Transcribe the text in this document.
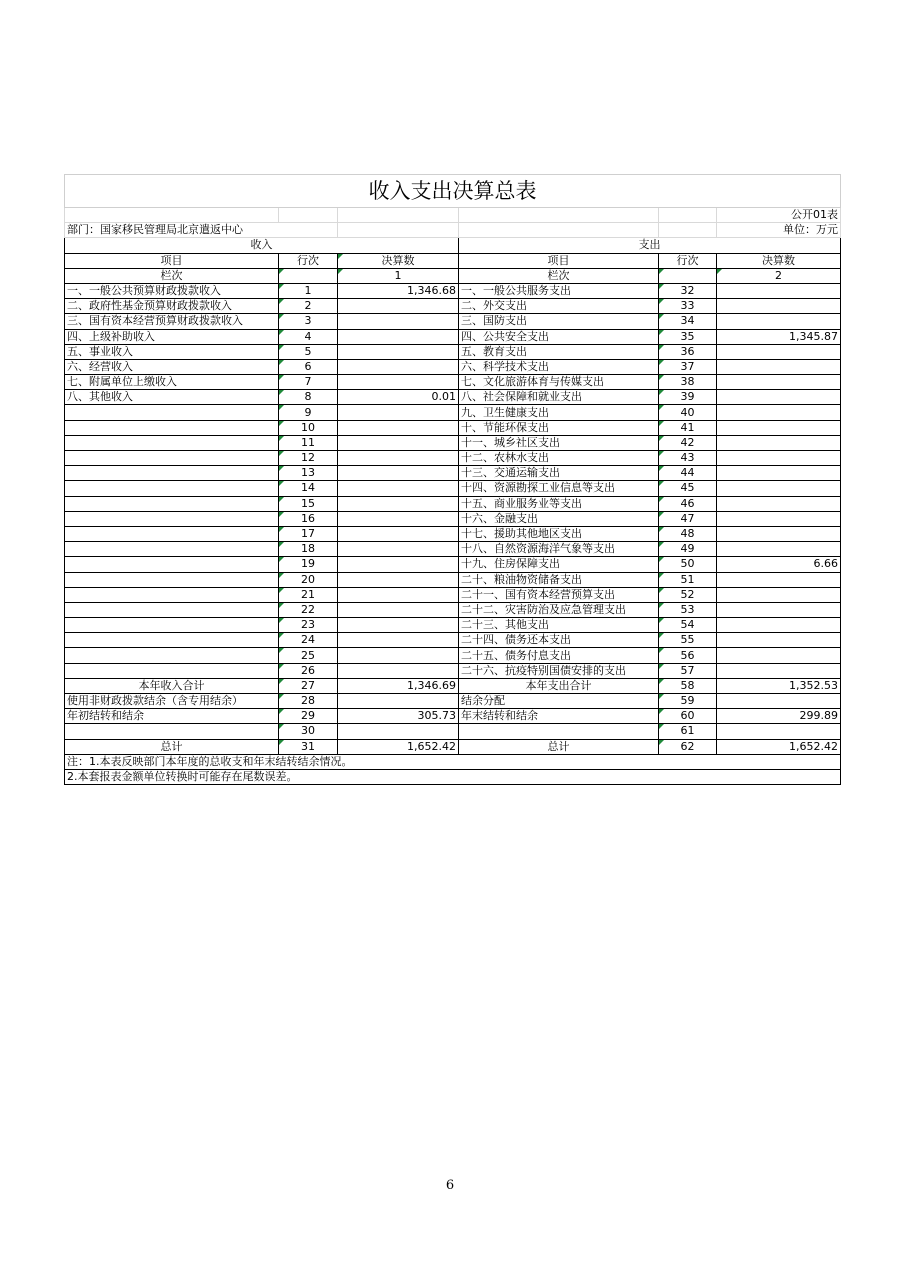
收入支出决算总表					
					公开01表
部门：国家移民管理局北京遣返中心					单位：万元
收入			支出		
项目	行次	决算数	项目	行次	决算数
栏次		1	栏次		2
一、一般公共预算财政拨款收入	1	1,346.68	一、一般公共服务支出	32	
二、政府性基金预算财政拨款收入	2		二、外交支出	33	
三、国有资本经营预算财政拨款收入	3		三、国防支出	34	
四、上级补助收入	4		四、公共安全支出	35	1,345.87
五、事业收入	5		五、教育支出	36	
六、经营收入	6		六、科学技术支出	37	
七、附属单位上缴收入	7		七、文化旅游体育与传媒支出	38	
八、其他收入	8	0.01	八、社会保障和就业支出	39	
	9		九、卫生健康支出	40	
	10		十、节能环保支出	41	
	11		十一、城乡社区支出	42	
	12		十二、农林水支出	43	
	13		十三、交通运输支出	44	
	14		十四、资源勘探工业信息等支出	45	
	15		十五、商业服务业等支出	46	
	16		十六、金融支出	47	
	17		十七、援助其他地区支出	48	
	18		十八、自然资源海洋气象等支出	49	
	19		十九、住房保障支出	50	6.66
	20		二十、粮油物资储备支出	51	
	21		二十一、国有资本经营预算支出	52	
	22		二十二、灾害防治及应急管理支出	53	
	23		二十三、其他支出	54	
	24		二十四、债务还本支出	55	
	25		二十五、债务付息支出	56	
	26		二十六、抗疫特别国债安排的支出	57	
本年收入合计	27	1,346.69	本年支出合计	58	1,352.53
使用非财政拨款结余（含专用结余）	28		结余分配	59	
年初结转和结余	29	305.73	年末结转和结余	60	299.89
	30			61	
总计	31	1,652.42	总计	62	1,652.42
注：1.本表反映部门本年度的总收支和年末结转结余情况。					
2.本套报表金额单位转换时可能存在尾数误差。					
6
